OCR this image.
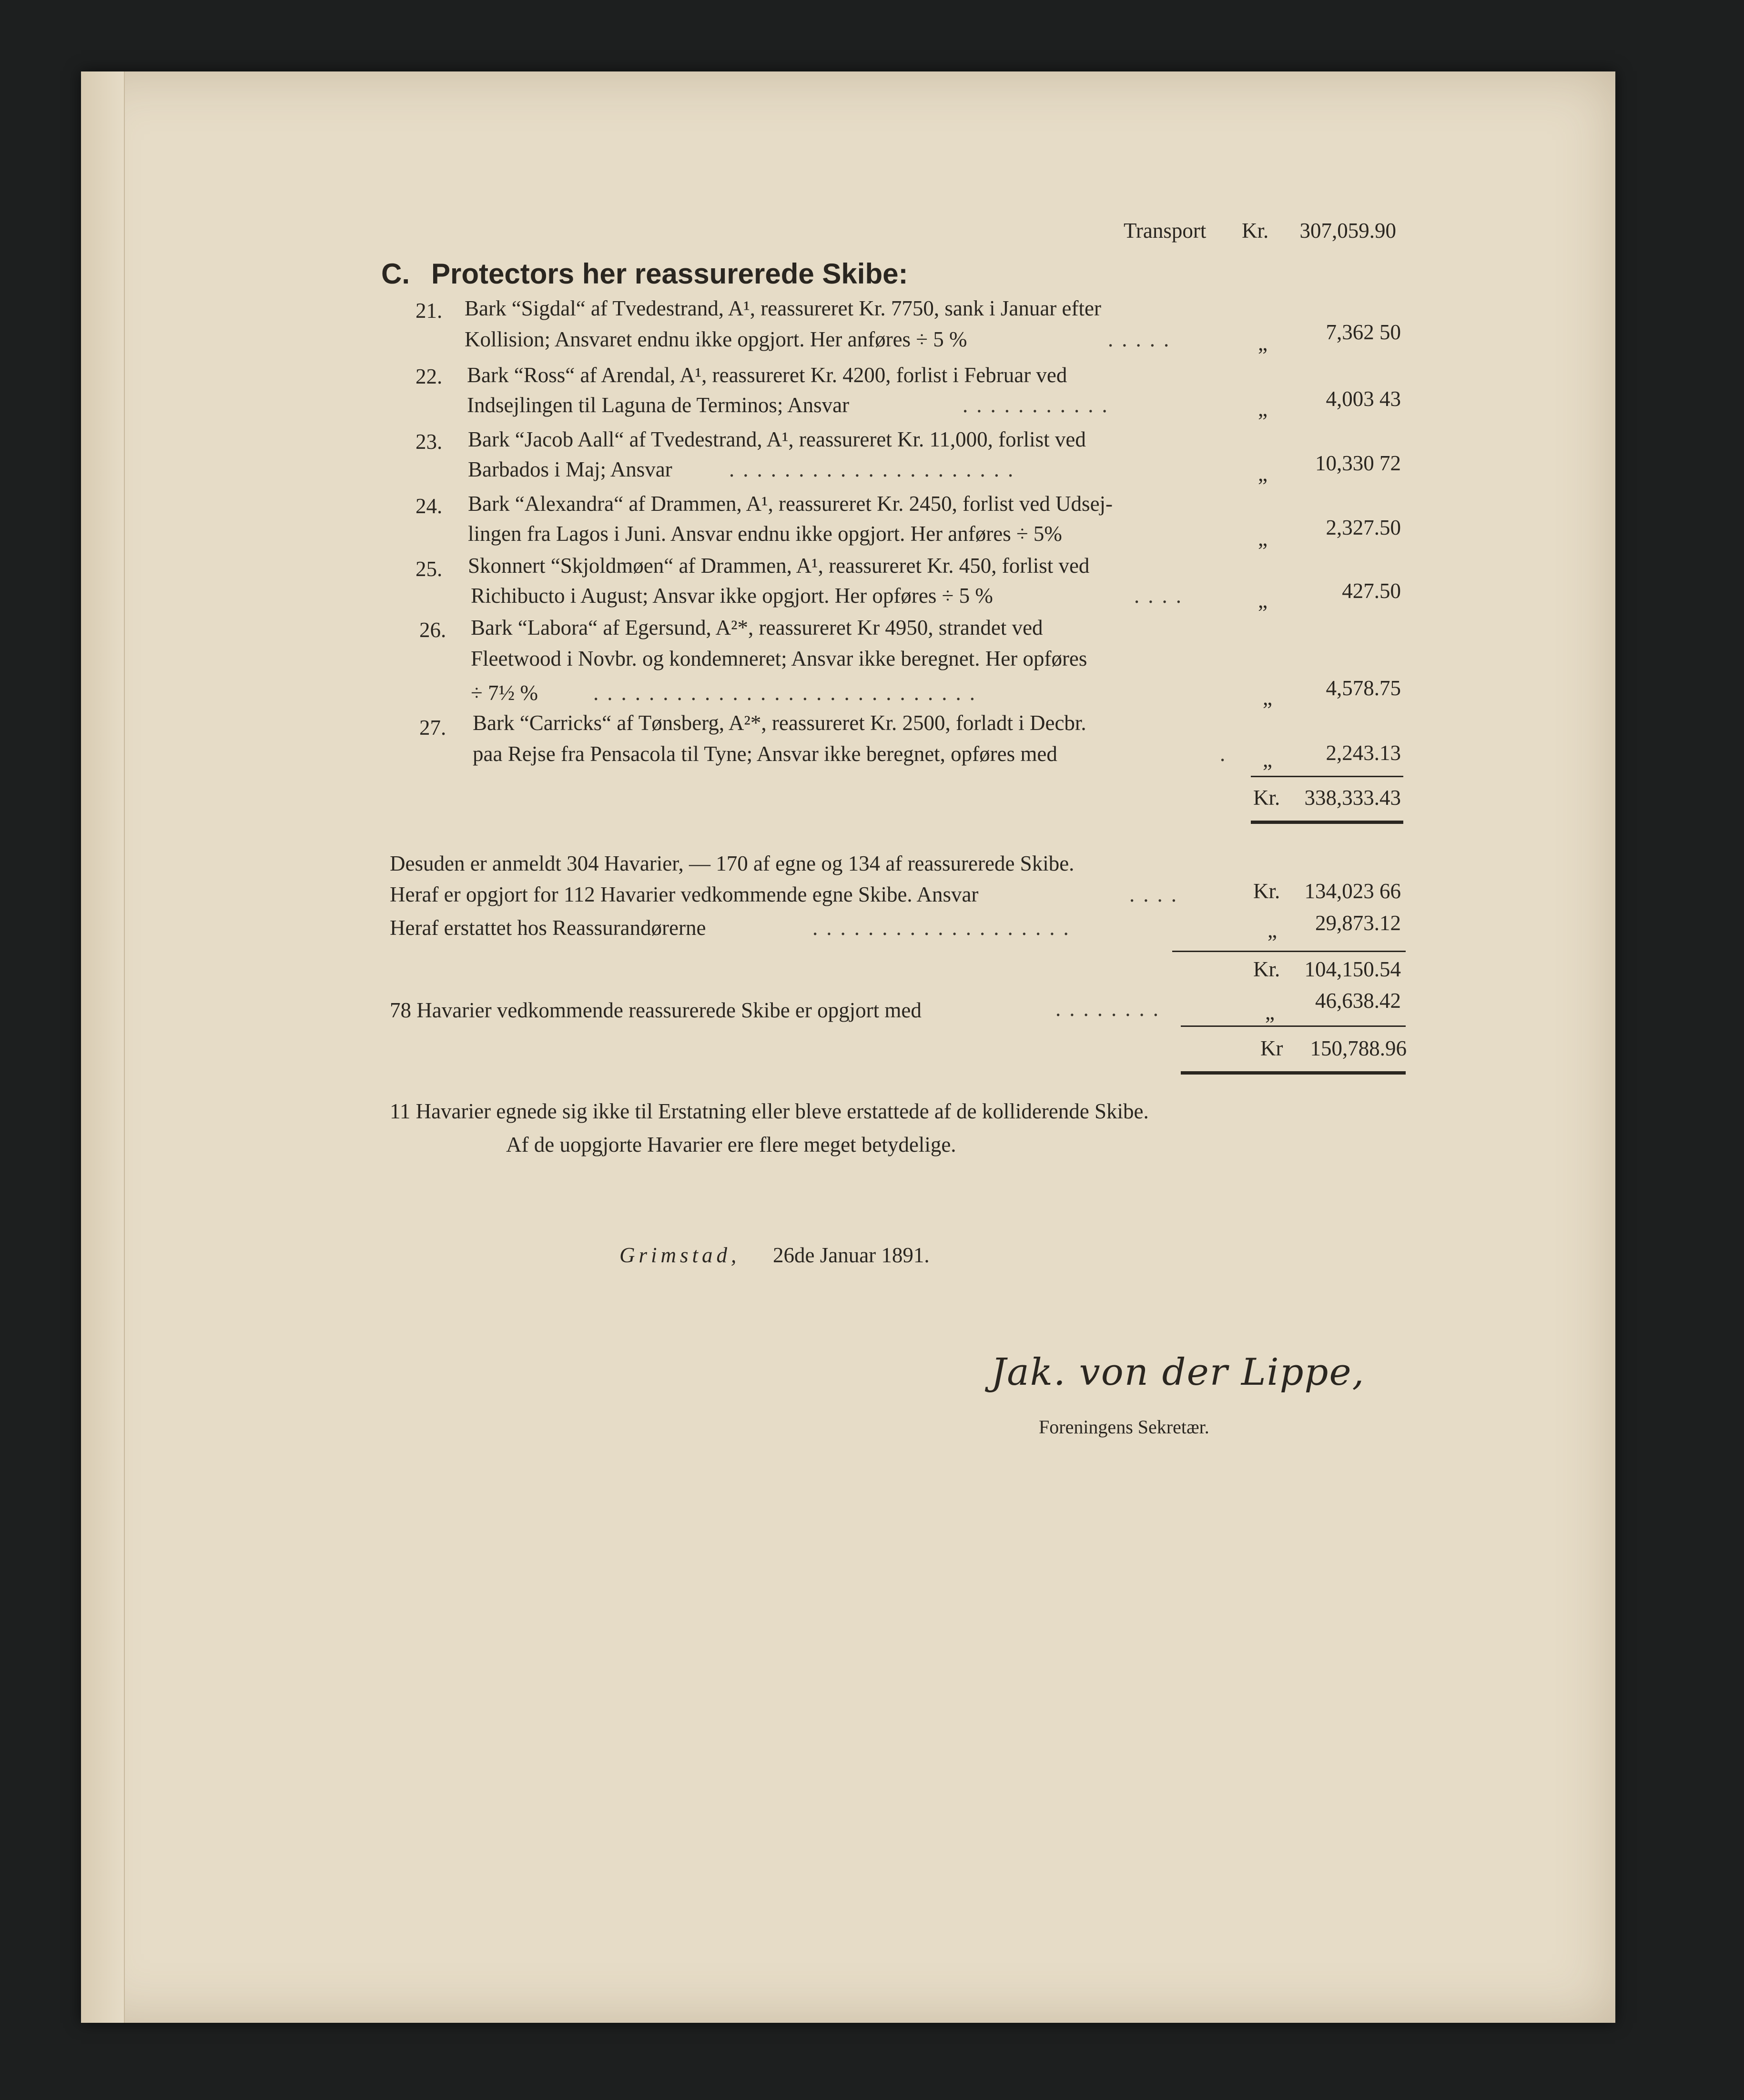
Transport Kr.	307,059.90
C. Protectors her reassurerede Skibe:
21. Bark “Sigdal“ af Tvedestrand, A¹, reassureret Kr. 7750, sank i Januar efter
Kollision; Ansvaret endnu ikke opgjort. Her anføres ÷ 5 %	.....	„	7,362 50
22. Bark “Ross“ af Arendal, A¹, reassureret Kr. 4200, forlist i Februar ved
Indsejlingen til Laguna de Terminos; Ansvar	...........	„	4,003 43
23. Bark “Jacob Aall“ af Tvedestrand, A¹, reassureret Kr. 11,000, forlist ved
Barbados i Maj; Ansvar	.....................	„	10,330 72
24. Bark “Alexandra“ af Drammen, A¹, reassureret Kr. 2450, forlist ved Udsej-
lingen fra Lagos i Juni. Ansvar endnu ikke opgjort. Her anføres ÷ 5%	„	2,327.50
25. Skonnert “Skjoldmøen“ af Drammen, A¹, reassureret Kr. 450, forlist ved
Richibucto i August; Ansvar ikke opgjort. Her opføres ÷ 5 %	....	„	427.50
26. Bark “Labora“ af Egersund, A²*, reassureret Kr 4950, strandet ved
Fleetwood i Novbr. og kondemneret; Ansvar ikke beregnet. Her opføres
÷ 7½ %	............................	„	4,578.75
27. Bark “Carricks“ af Tønsberg, A²*, reassureret Kr. 2500, forladt i Decbr.
paa Rejse fra Pensacola til Tyne; Ansvar ikke beregnet, opføres med	. „	2,243.13
Kr.	338,333.43
Desuden er anmeldt 304 Havarier, — 170 af egne og 134 af reassurerede Skibe.
Heraf er opgjort for 112 Havarier vedkommende egne Skibe. Ansvar	....	Kr.	134,023 66
Heraf erstattet hos Reassurandørerne	...................	„	29,873.12
Kr.	104,150.54
78 Havarier vedkommende reassurerede Skibe er opgjort med	........	„	46,638.42
Kr	150,788.96
11 Havarier egnede sig ikke til Erstatning eller bleve erstattede af de kolliderende Skibe.
Af de uopgjorte Havarier ere flere meget betydelige.
Grimstad, 26de Januar 1891.
Jak. von der Lippe,
Foreningens Sekretær.
